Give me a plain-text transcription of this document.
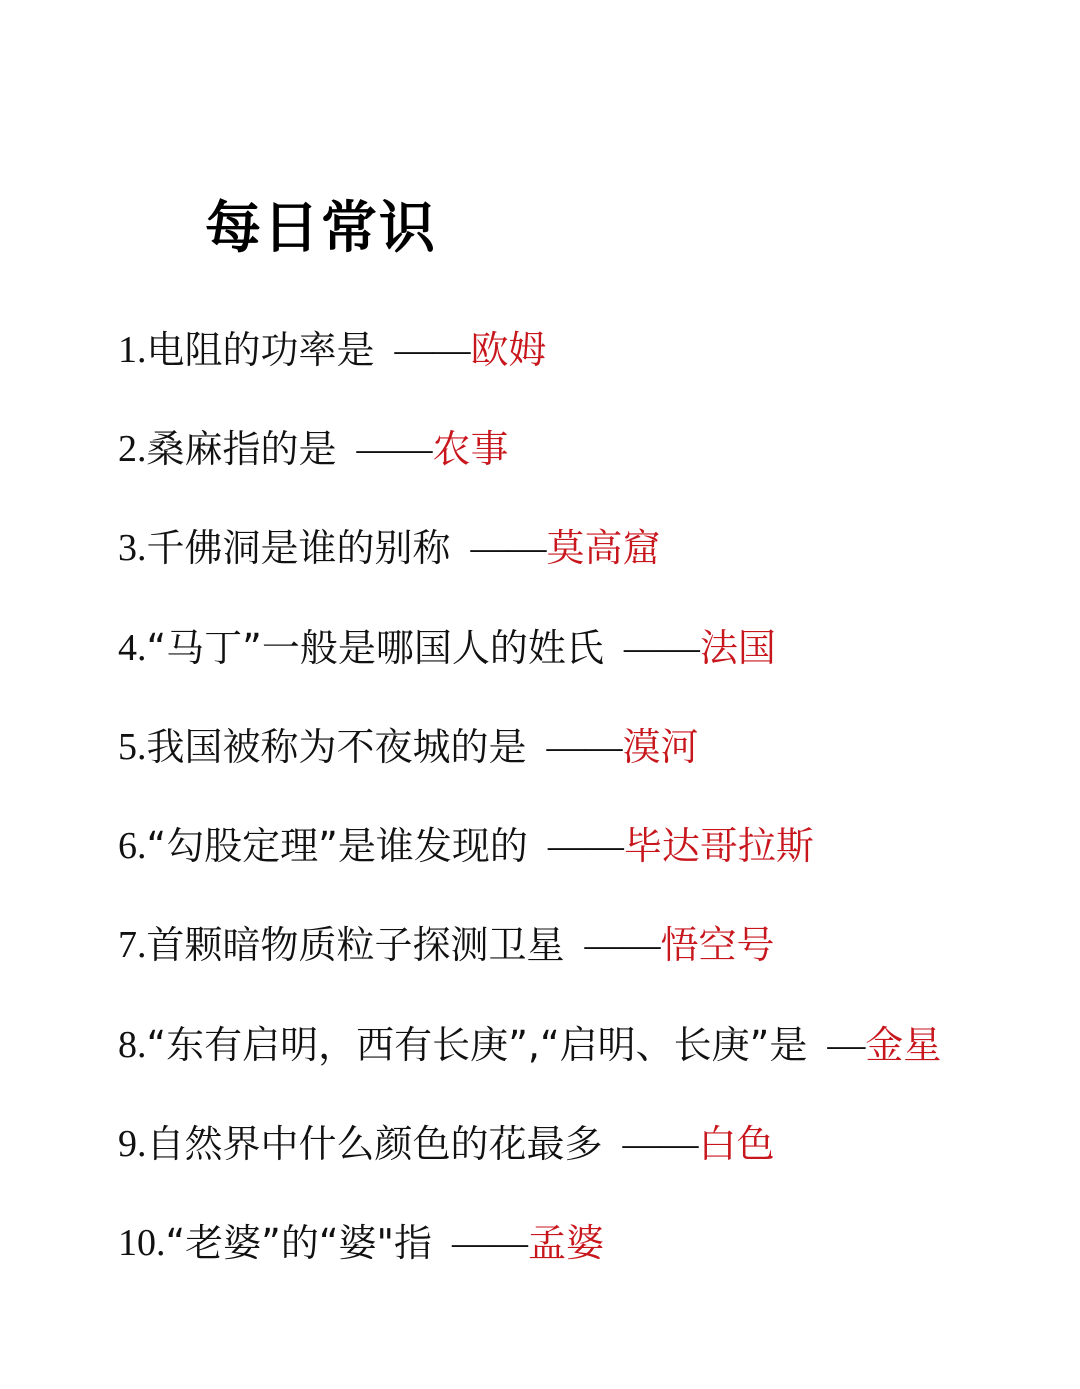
每日常识
1. 电阻的功率是 —— 欧姆
2. 桑麻指的是 —— 农事
3. 千佛洞是谁的别称 —— 莫高窟
4. “马丁”一般是哪国人的姓氏 —— 法国
5. 我国被称为不夜城的是 —— 漠河
6. “勾股定理”是谁发现的 —— 毕达哥拉斯
7. 首颗暗物质粒子探测卫星 —— 悟空号
8. “东有启明，西有长庚”,“启明、长庚”是 — 金星
9. 自然界中什么颜色的花最多 —— 白色
10. “老婆”的“婆"指 —— 孟婆
